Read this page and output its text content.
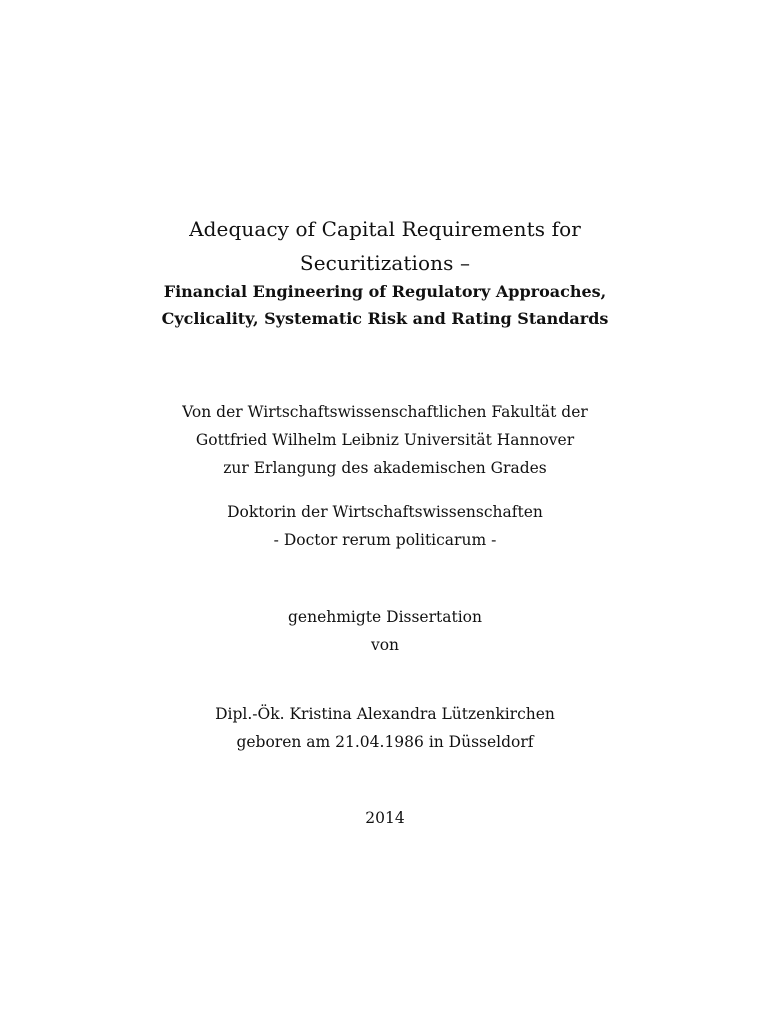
Adequacy of Capital Requirements for
Securitizations –
Financial Engineering of Regulatory Approaches,
Cyclicality, Systematic Risk and Rating Standards
Von der Wirtschaftswissenschaftlichen Fakultät der
Gottfried Wilhelm Leibniz Universität Hannover
zur Erlangung des akademischen Grades
Doktorin der Wirtschaftswissenschaften
- Doctor rerum politicarum -
genehmigte Dissertation
von
Dipl.-Ök. Kristina Alexandra Lützenkirchen
geboren am 21.04.1986 in Düsseldorf
2014
